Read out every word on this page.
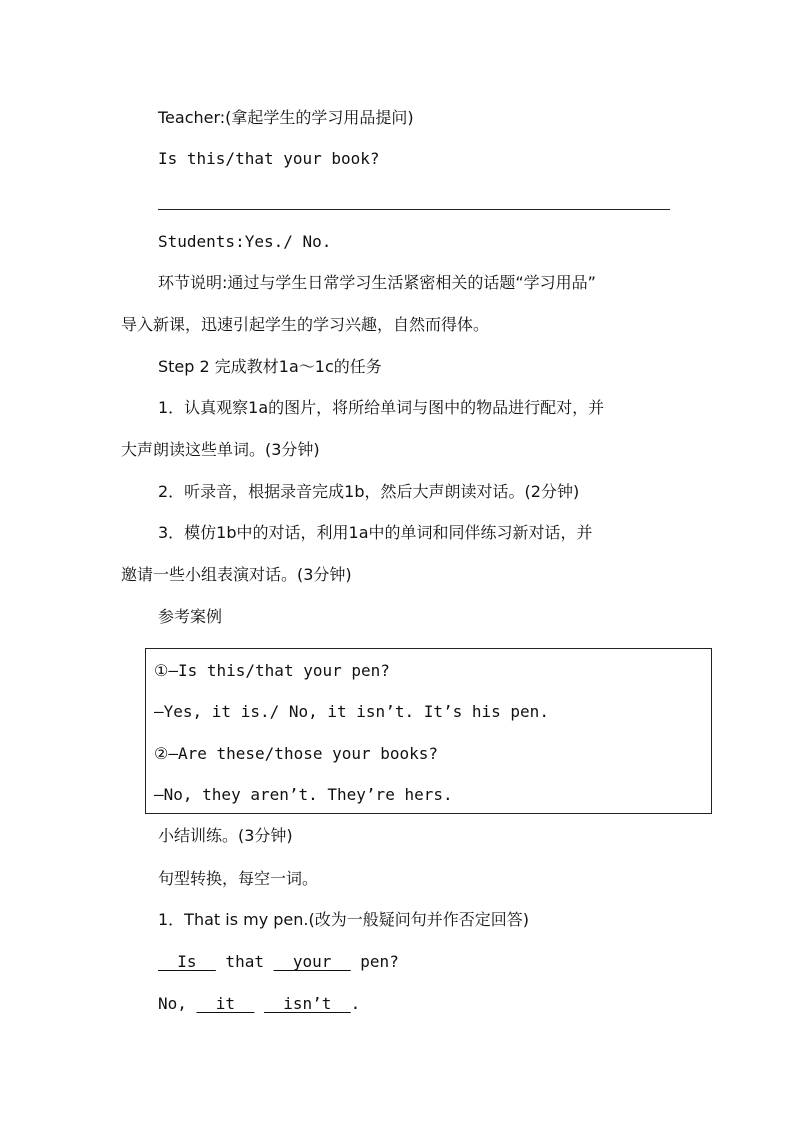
Teacher:(拿起学生的学习用品提问)
Is this/that your book?
Students:Yes./ No.
环节说明:通过与学生日常学习生活紧密相关的话题“学习用品”
导入新课，迅速引起学生的学习兴趣，自然而得体。
Step 2 完成教材1a～1c的任务
1．认真观察1a的图片，将所给单词与图中的物品进行配对，并
大声朗读这些单词。(3分钟)
2．听录音，根据录音完成1b，然后大声朗读对话。(2分钟)
3．模仿1b中的对话，利用1a中的单词和同伴练习新对话，并
邀请一些小组表演对话。(3分钟)
参考案例
①—Is this/that your pen?
—Yes, it is./ No, it isn’t. It’s his pen.
②—Are these/those your books?
—No, they aren’t. They’re hers.
小结训练。(3分钟)
句型转换，每空一词。
1．That is my pen.(改为一般疑问句并作否定回答)
__Is__ that __your__ pen?
No, __it__ __isn’t__.
